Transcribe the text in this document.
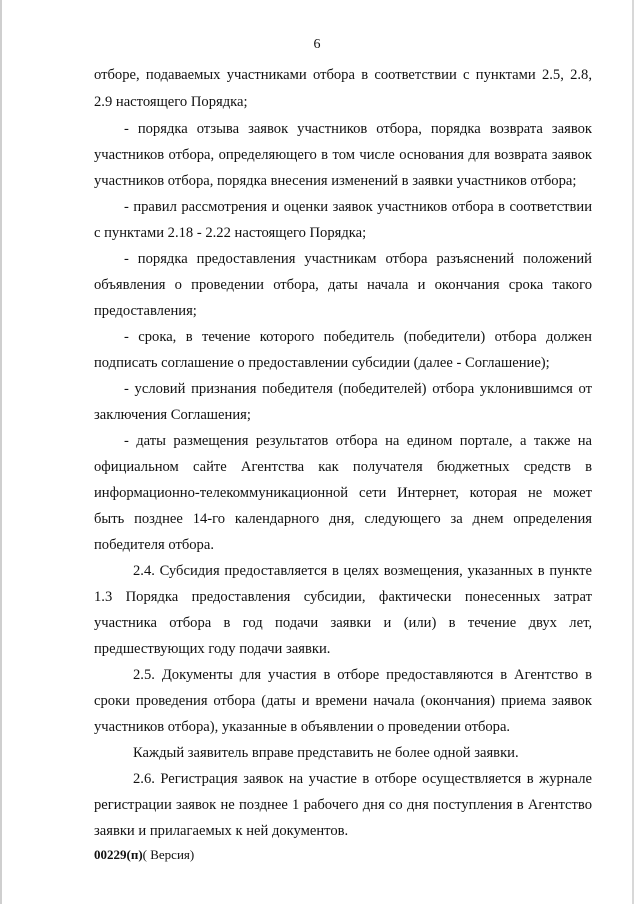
6
отборе, подаваемых участниками отбора в соответствии с пунктами 2.5, 2.8,
2.9 настоящего Порядка;
- порядка отзыва заявок участников отбора, порядка возврата заявок
участников отбора, определяющего в том числе основания для возврата заявок
участников отбора, порядка внесения изменений в заявки участников отбора;
- правил рассмотрения и оценки заявок участников отбора в соответствии
с пунктами 2.18 - 2.22 настоящего Порядка;
- порядка предоставления участникам отбора разъяснений положений
объявления о проведении отбора, даты начала и окончания срока такого
предоставления;
- срока, в течение которого победитель (победители) отбора должен
подписать соглашение о предоставлении субсидии (далее - Соглашение);
- условий признания победителя (победителей) отбора уклонившимся от
заключения Соглашения;
- даты размещения результатов отбора на едином портале, а также на
официальном сайте Агентства как получателя бюджетных средств в
информационно-телекоммуникационной сети Интернет, которая не может
быть позднее 14-го календарного дня, следующего за днем определения
победителя отбора.
2.4. Субсидия предоставляется в целях возмещения, указанных в пункте
1.3 Порядка предоставления субсидии, фактически понесенных затрат
участника отбора в год подачи заявки и (или) в течение двух лет,
предшествующих году подачи заявки.
2.5. Документы для участия в отборе предоставляются в Агентство в
сроки проведения отбора (даты и времени начала (окончания) приема заявок
участников отбора), указанные в объявлении о проведении отбора.
Каждый заявитель вправе представить не более одной заявки.
2.6. Регистрация заявок на участие в отборе осуществляется в журнале
регистрации заявок не позднее 1 рабочего дня со дня поступления в Агентство
заявки и прилагаемых к ней документов.
00229(п)( Версия)
